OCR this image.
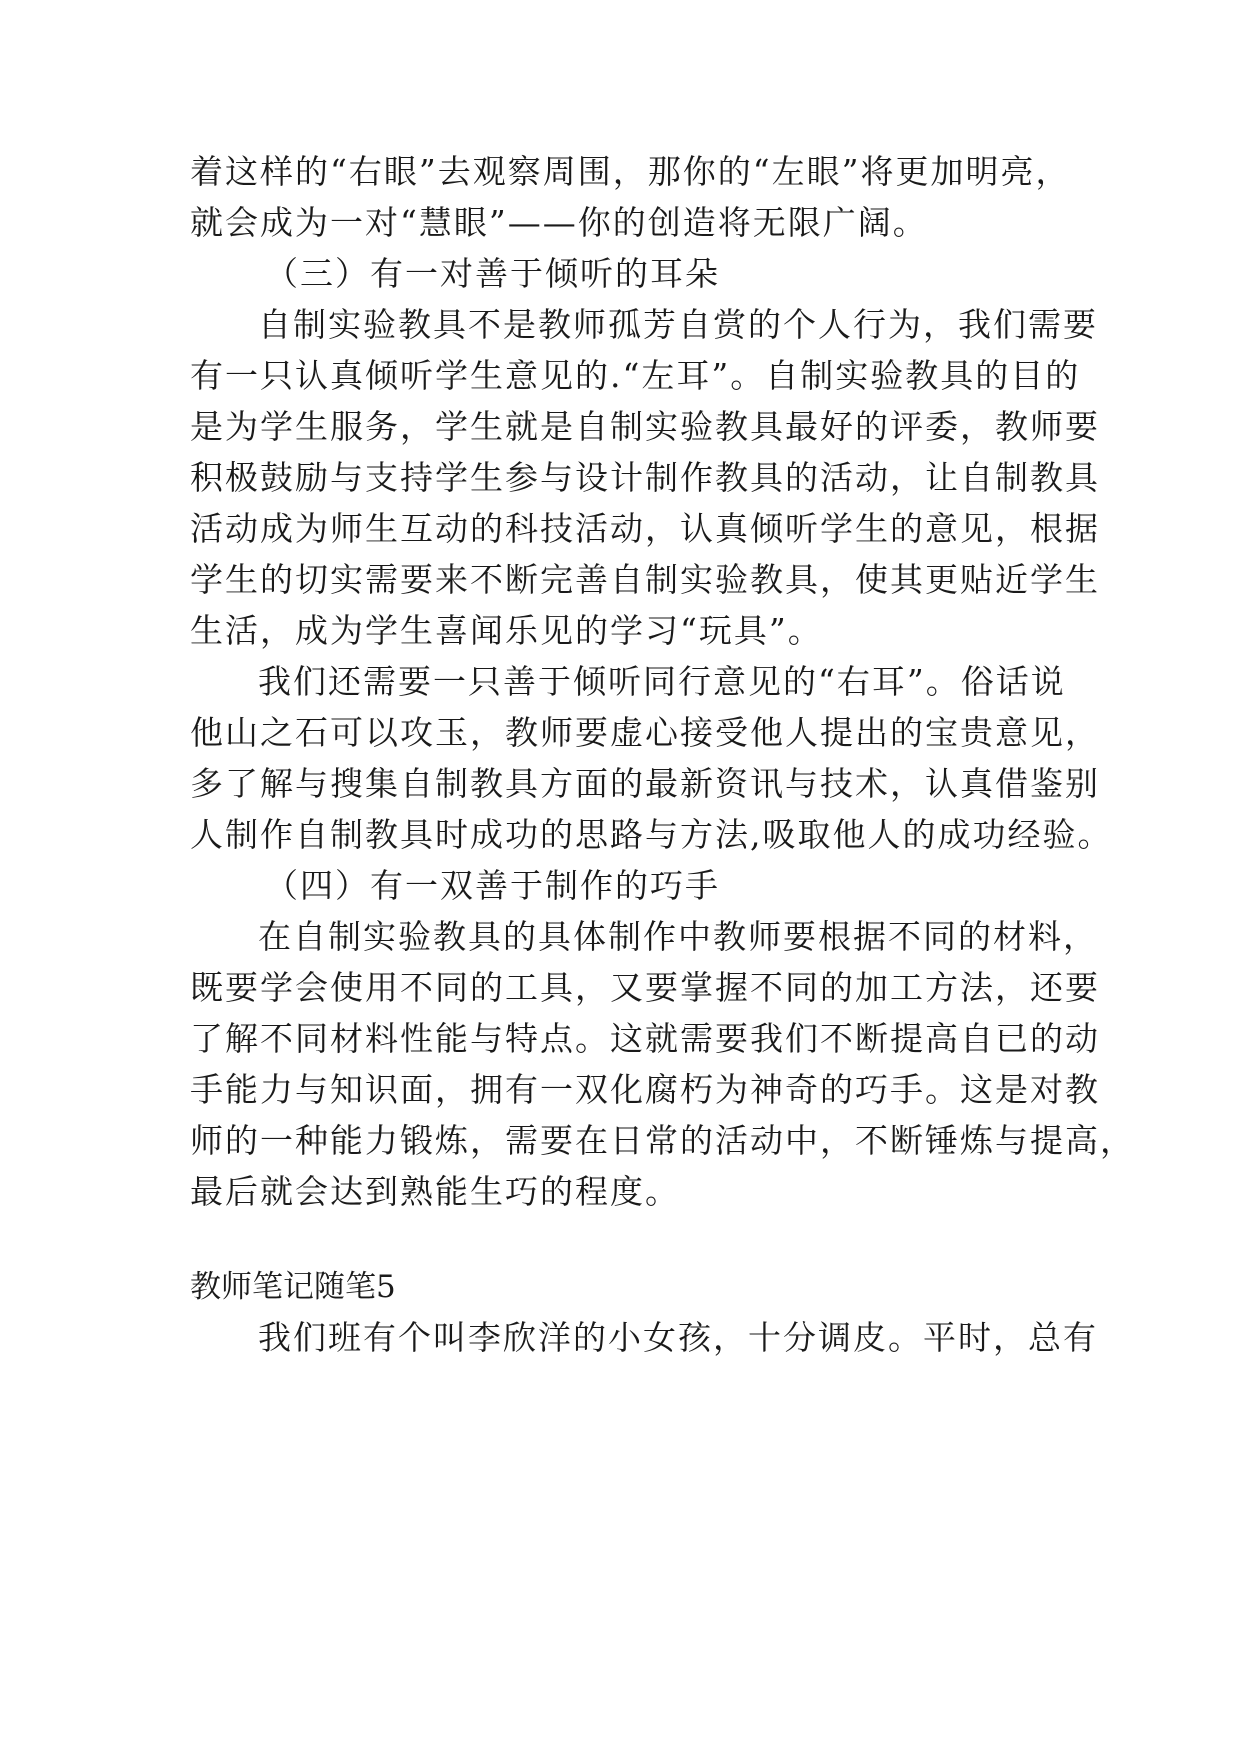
着这样的“右眼”去观察周围，那你的“左眼”将更加明亮，
就会成为一对“慧眼”——你的创造将无限广阔。
（三）有一对善于倾听的耳朵
自制实验教具不是教师孤芳自赏的个人行为，我们需要
有一只认真倾听学生意见的.“左耳”。自制实验教具的目的
是为学生服务，学生就是自制实验教具最好的评委，教师要
积极鼓励与支持学生参与设计制作教具的活动，让自制教具
活动成为师生互动的科技活动，认真倾听学生的意见，根据
学生的切实需要来不断完善自制实验教具，使其更贴近学生
生活，成为学生喜闻乐见的学习“玩具”。
我们还需要一只善于倾听同行意见的“右耳”。俗话说
他山之石可以攻玉，教师要虚心接受他人提出的宝贵意见，
多了解与搜集自制教具方面的最新资讯与技术，认真借鉴别
人制作自制教具时成功的思路与方法,吸取他人的成功经验。
（四）有一双善于制作的巧手
在自制实验教具的具体制作中教师要根据不同的材料，
既要学会使用不同的工具，又要掌握不同的加工方法，还要
了解不同材料性能与特点。这就需要我们不断提高自已的动
手能力与知识面，拥有一双化腐朽为神奇的巧手。这是对教
师的一种能力锻炼，需要在日常的活动中，不断锤炼与提高，
最后就会达到熟能生巧的程度。
教师笔记随笔5
我们班有个叫李欣洋的小女孩，十分调皮。平时，总有
